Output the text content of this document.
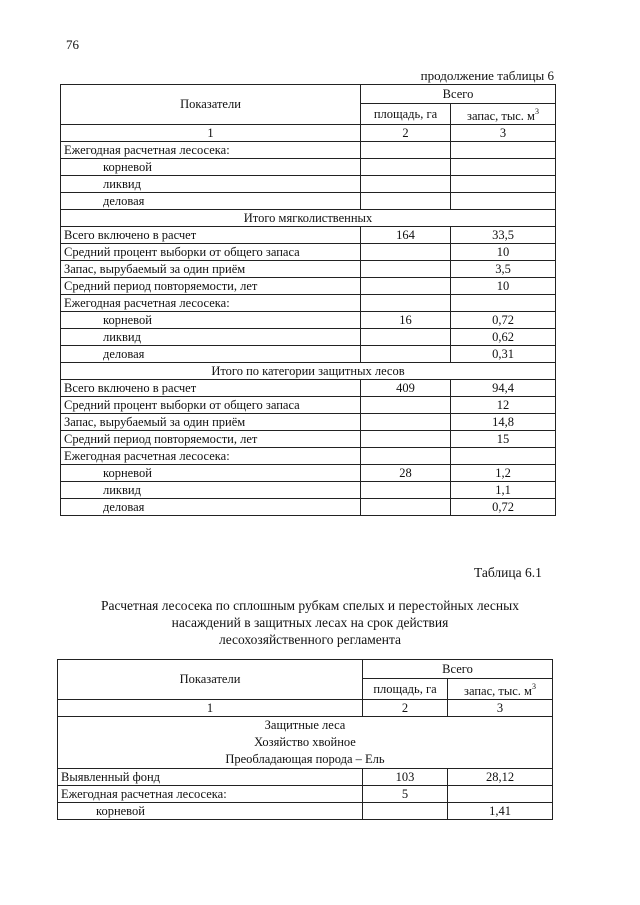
76
продолжение таблицы 6
Показатели	Всего	
	площадь, га	запас, тыс. $м^3$
1	2	3
Ежегодная расчетная лесосека:		
корневой		
ликвид		
деловая		
Итого мягколиственных		
Всего включено в расчет	164	33,5
Средний процент выборки от общего запаса		10
Запас, вырубаемый за один приём		3,5
Средний период повторяемости, лет		10
Ежегодная расчетная лесосека:		
корневой	16	0,72
ликвид		0,62
деловая		0,31
Итого по категории защитных лесов		
Всего включено в расчет	409	94,4
Средний процент выборки от общего запаса		12
Запас, вырубаемый за один приём		14,8
Средний период повторяемости, лет		15
Ежегодная расчетная лесосека:		
корневой	28	1,2
ликвид		1,1
деловая		0,72
Таблица 6.1
Расчетная лесосека по сплошным рубкам спелых и перестойных лесных
насаждений в защитных лесах на срок действия
лесохозяйственного регламента
Показатели	Всего	
	площадь, га	запас, тыс. $м^3$
1	2	3

Защитные леса
Хозяйство хвойное
Преобладающая порода – Ель		

Выявленный фонд	103	28,12
Ежегодная расчетная лесосека:	5	
корневой		1,41
